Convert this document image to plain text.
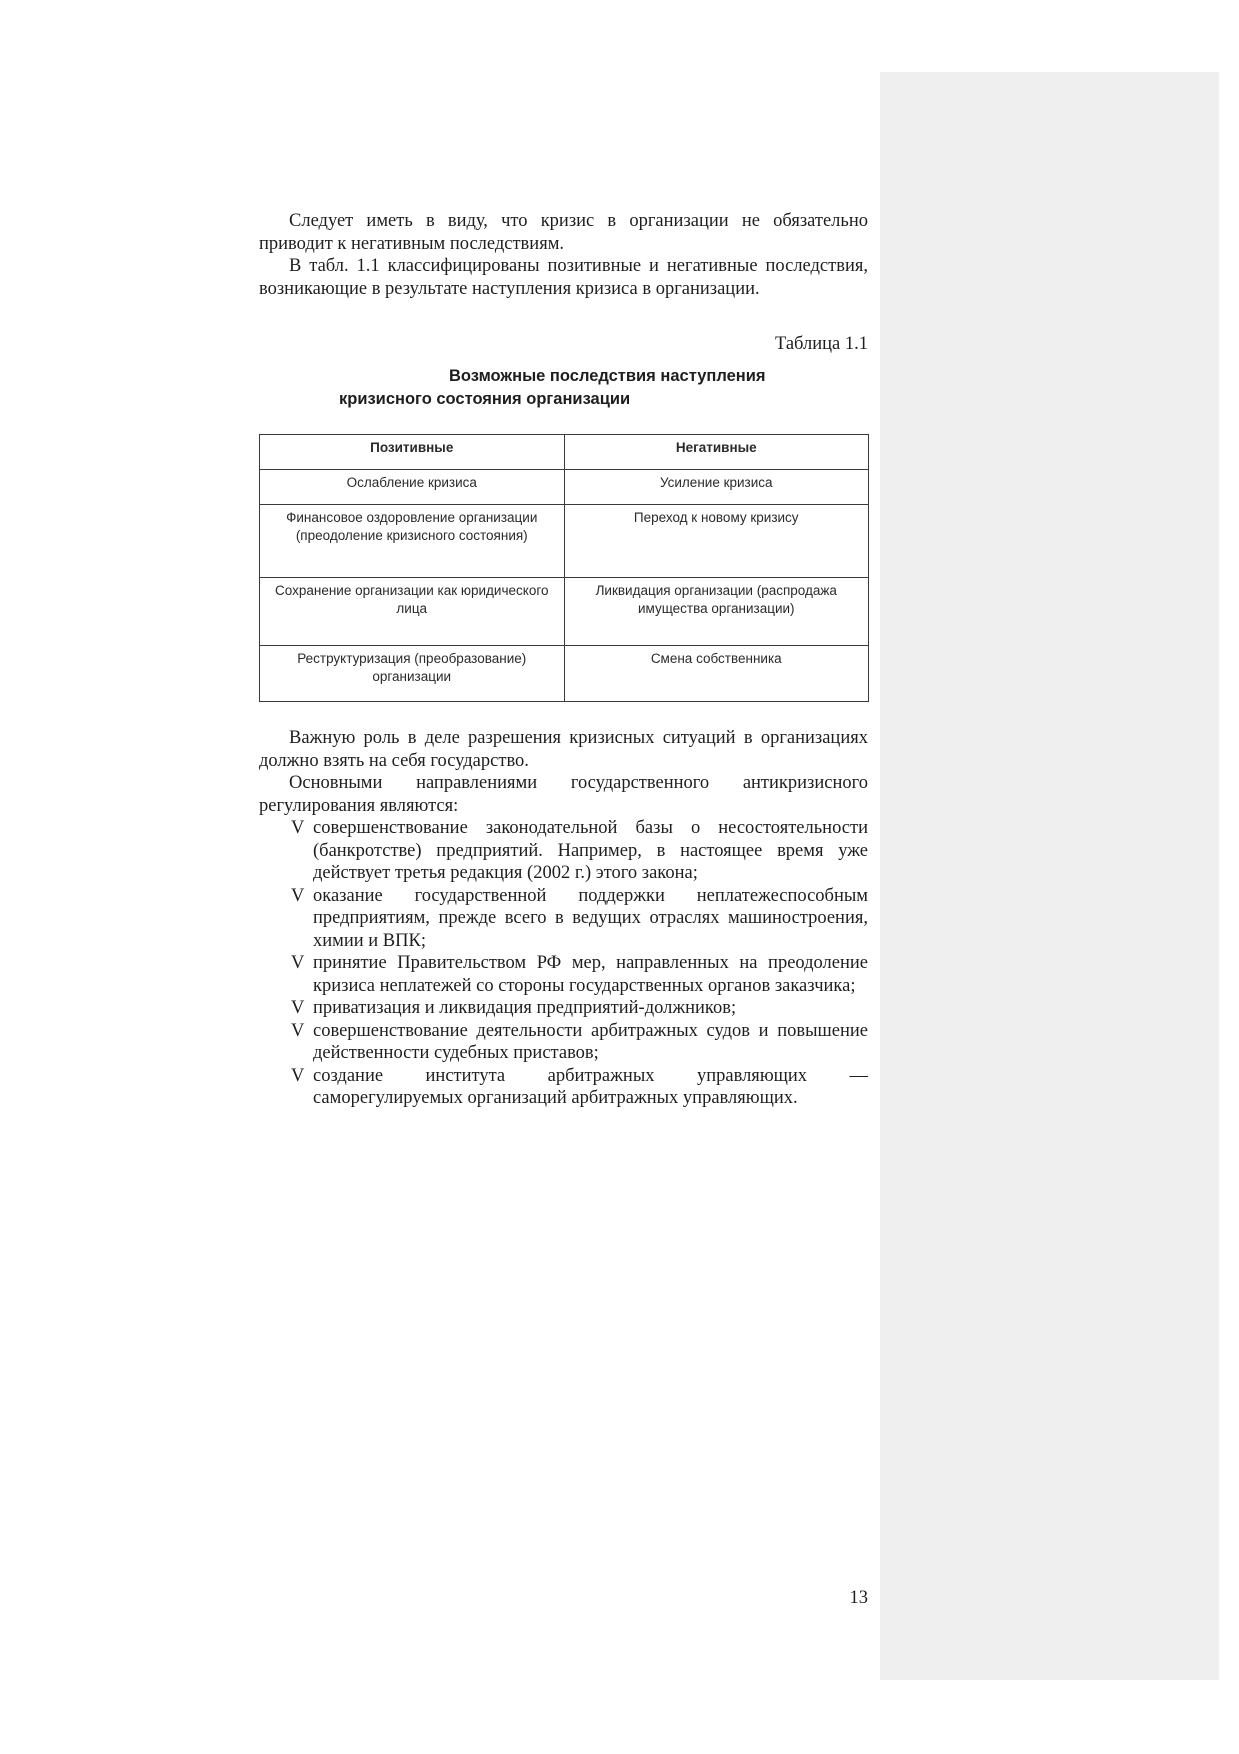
Следует иметь в виду, что кризис в организации не обязательно приводит к негативным последствиям.

В табл. 1.1 классифицированы позитивные и негативные последствия, возникающие в результате наступления кризиса в организации.

Таблица 1.1
Возможные последствия наступления
кризисного состояния организации
Позитивные	Негативные
Ослабление кризиса	Усиление кризиса
Финансовое оздоровление организации (преодоление кризисного состояния)	Переход к новому кризису
Сохранение организации как юридического лица	Ликвидация организации (распродажа имущества организации)
Реструктуризация (преобразование) организации	Смена собственника

Важную роль в деле разрешения кризисных ситуаций в организациях должно взять на себя государство.

Основными направлениями государственного антикризисного регулирования являются:

V совершенствование законодательной базы о несостоятельности (банкротстве) предприятий. Например, в настоящее время уже действует третья редакция (2002 г.) этого закона;
V оказание государственной поддержки неплатежеспособным предприятиям, прежде всего в ведущих отраслях машиностроения, химии и ВПК;
V принятие Правительством РФ мер, направленных на преодоление кризиса неплатежей со стороны государственных органов заказчика;
V приватизация и ликвидация предприятий-должников;
V совершенствование деятельности арбитражных судов и повышение действенности судебных приставов;
V создание института арбитражных управляющих — саморегулируемых организаций арбитражных управляющих.
13
